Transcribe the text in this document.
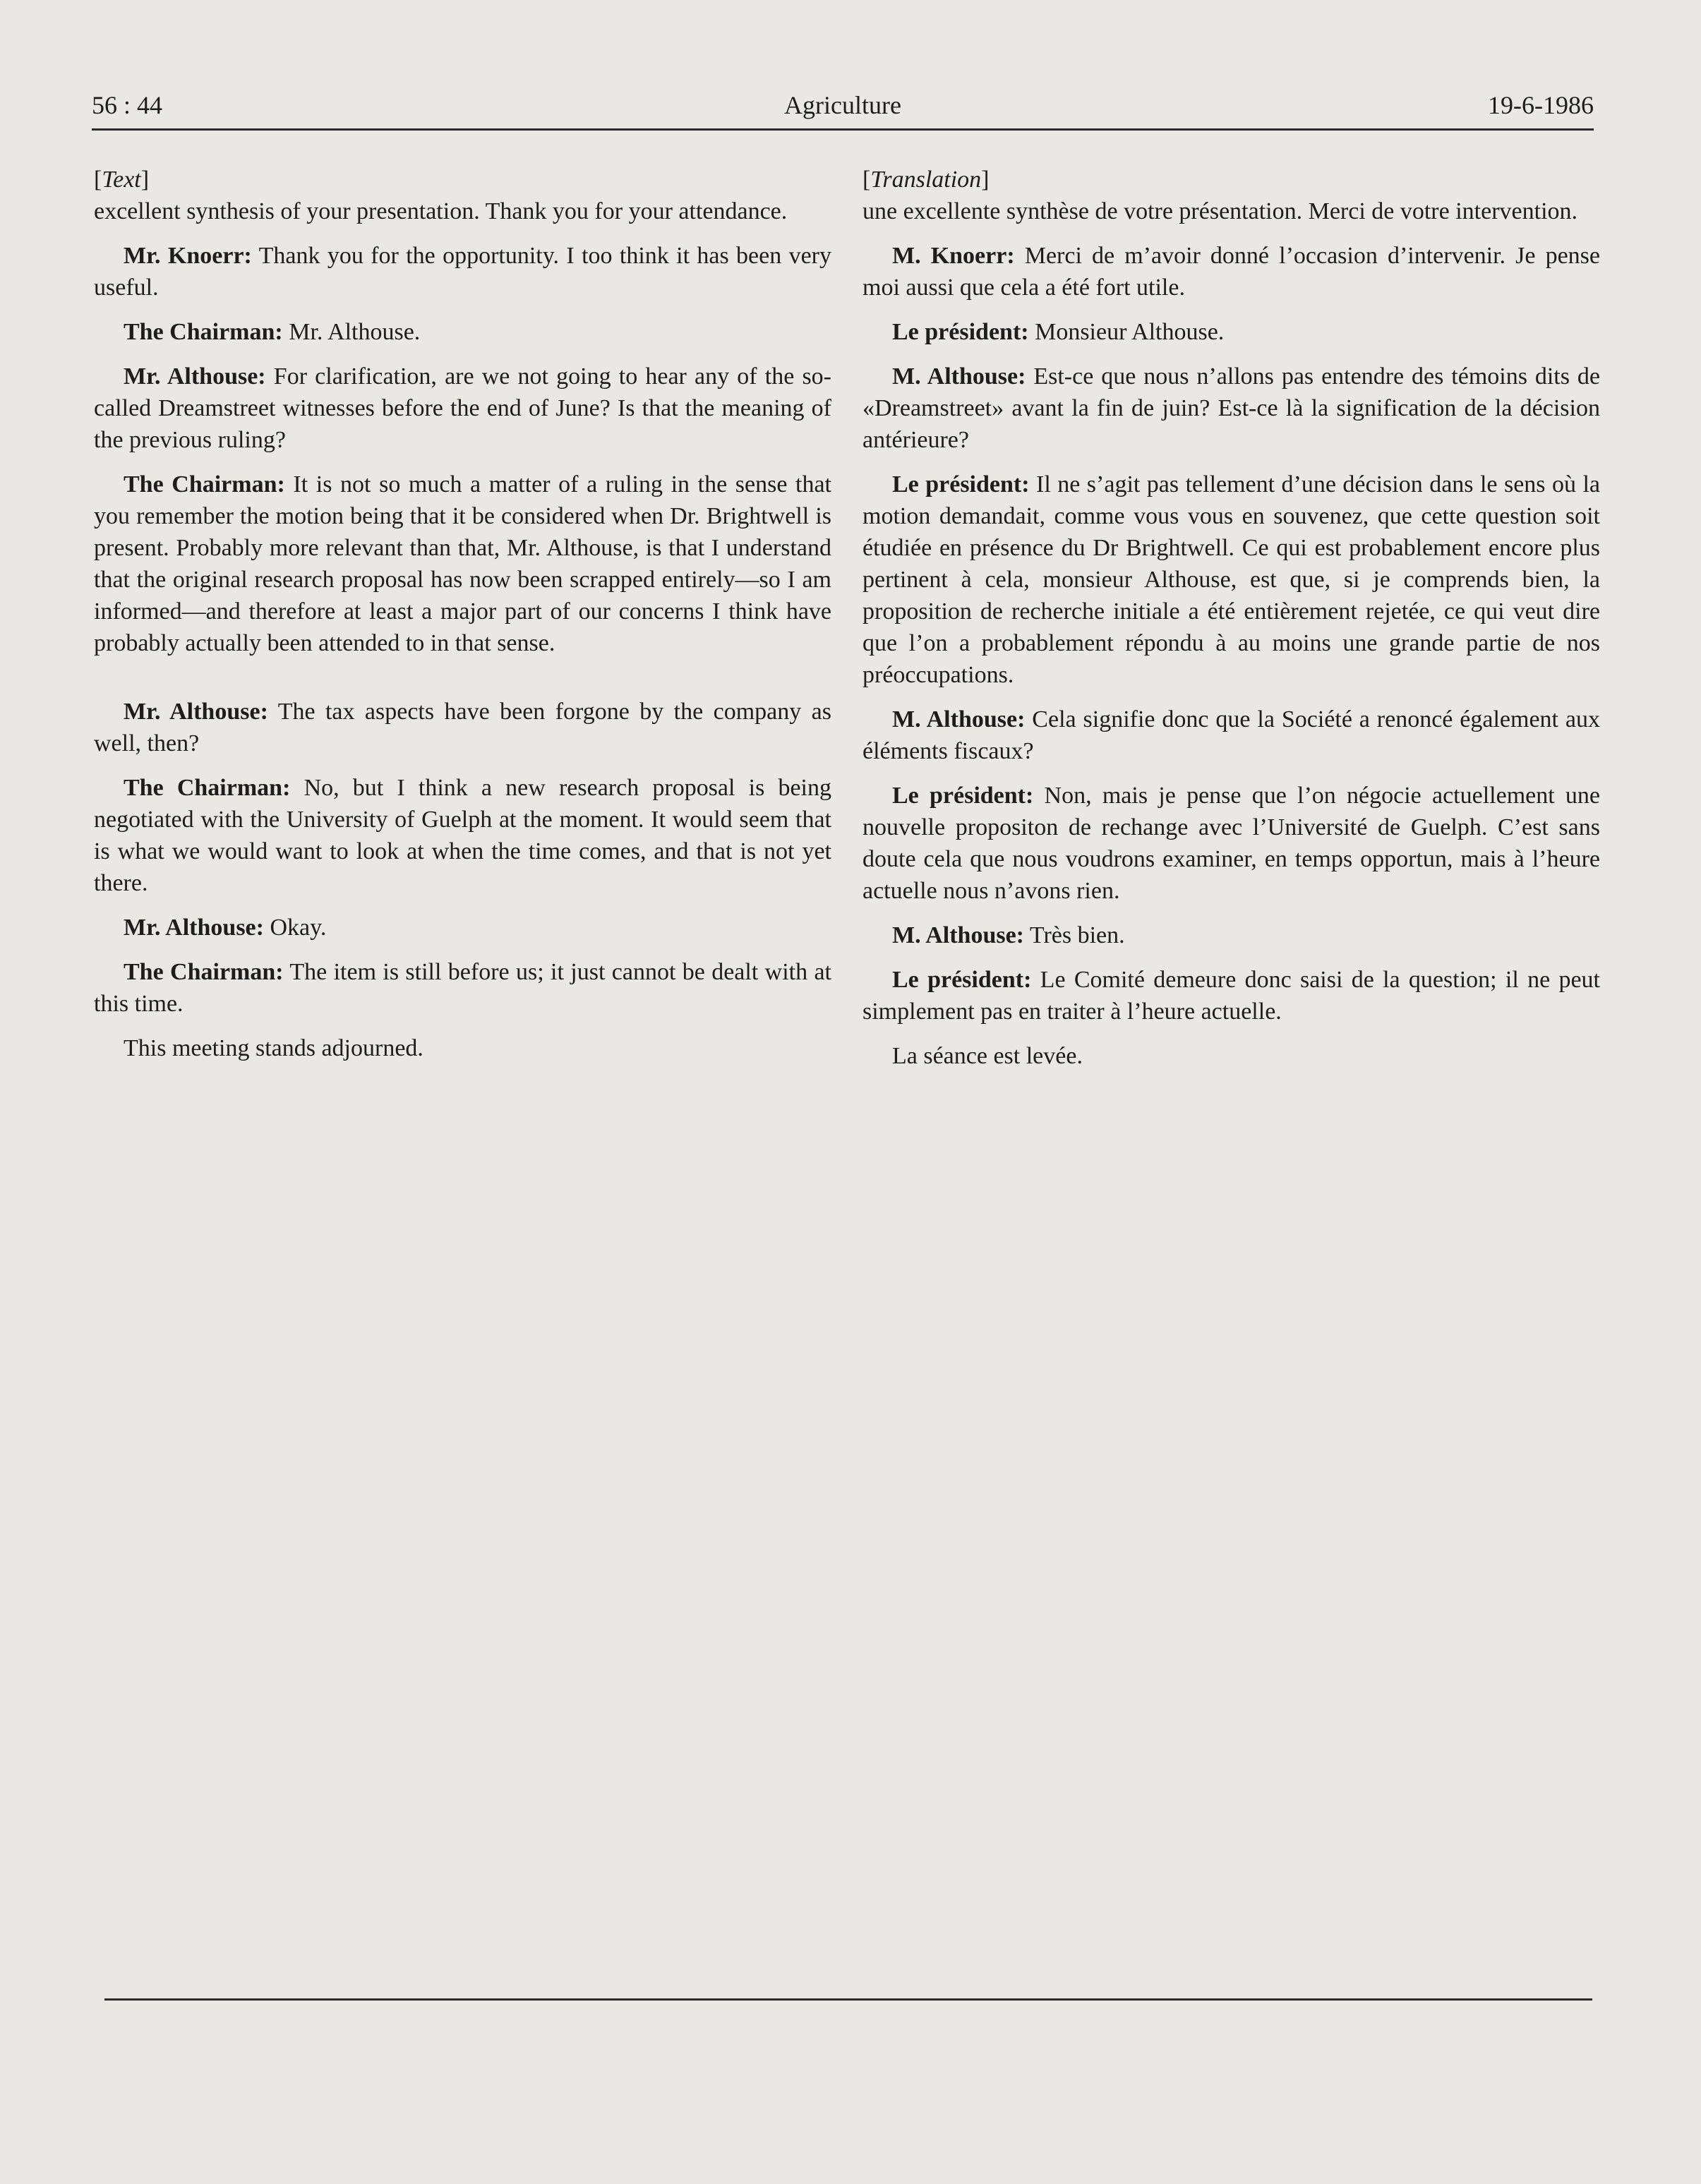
56 : 44	Agriculture	19-6-1986

[Text]

excellent synthesis of your presentation. Thank you for your attendance.

Mr. Knoerr: Thank you for the opportunity. I too think it has been very useful.

The Chairman: Mr. Althouse.

Mr. Althouse: For clarification, are we not going to hear any of the so-called Dreamstreet witnesses before the end of June? Is that the meaning of the previous ruling?

The Chairman: It is not so much a matter of a ruling in the sense that you remember the motion being that it be considered when Dr. Brightwell is present. Probably more relevant than that, Mr. Althouse, is that I understand that the original research proposal has now been scrapped entirely—so I am informed—and therefore at least a major part of our concerns I think have probably actually been attended to in that sense.

Mr. Althouse: The tax aspects have been forgone by the company as well, then?

The Chairman: No, but I think a new research proposal is being negotiated with the University of Guelph at the moment. It would seem that is what we would want to look at when the time comes, and that is not yet there.

Mr. Althouse: Okay.

The Chairman: The item is still before us; it just cannot be dealt with at this time.

This meeting stands adjourned.

[Translation]

une excellente synthèse de votre présentation. Merci de votre intervention.

M. Knoerr: Merci de m’avoir donné l’occasion d’intervenir. Je pense moi aussi que cela a été fort utile.

Le président: Monsieur Althouse.

M. Althouse: Est-ce que nous n’allons pas entendre des témoins dits de «Dreamstreet» avant la fin de juin? Est-ce là la signification de la décision antérieure?

Le président: Il ne s’agit pas tellement d’une décision dans le sens où la motion demandait, comme vous vous en souvenez, que cette question soit étudiée en présence du Dr Brightwell. Ce qui est probablement encore plus pertinent à cela, monsieur Althouse, est que, si je comprends bien, la proposition de recherche initiale a été entièrement rejetée, ce qui veut dire que l’on a probablement répondu à au moins une grande partie de nos préoccupations.

M. Althouse: Cela signifie donc que la Société a renoncé également aux éléments fiscaux?

Le président: Non, mais je pense que l’on négocie actuellement une nouvelle propositon de rechange avec l’Université de Guelph. C’est sans doute cela que nous voudrons examiner, en temps opportun, mais à l’heure actuelle nous n’avons rien.

M. Althouse: Très bien.

Le président: Le Comité demeure donc saisi de la question; il ne peut simplement pas en traiter à l’heure actuelle.

La séance est levée.
